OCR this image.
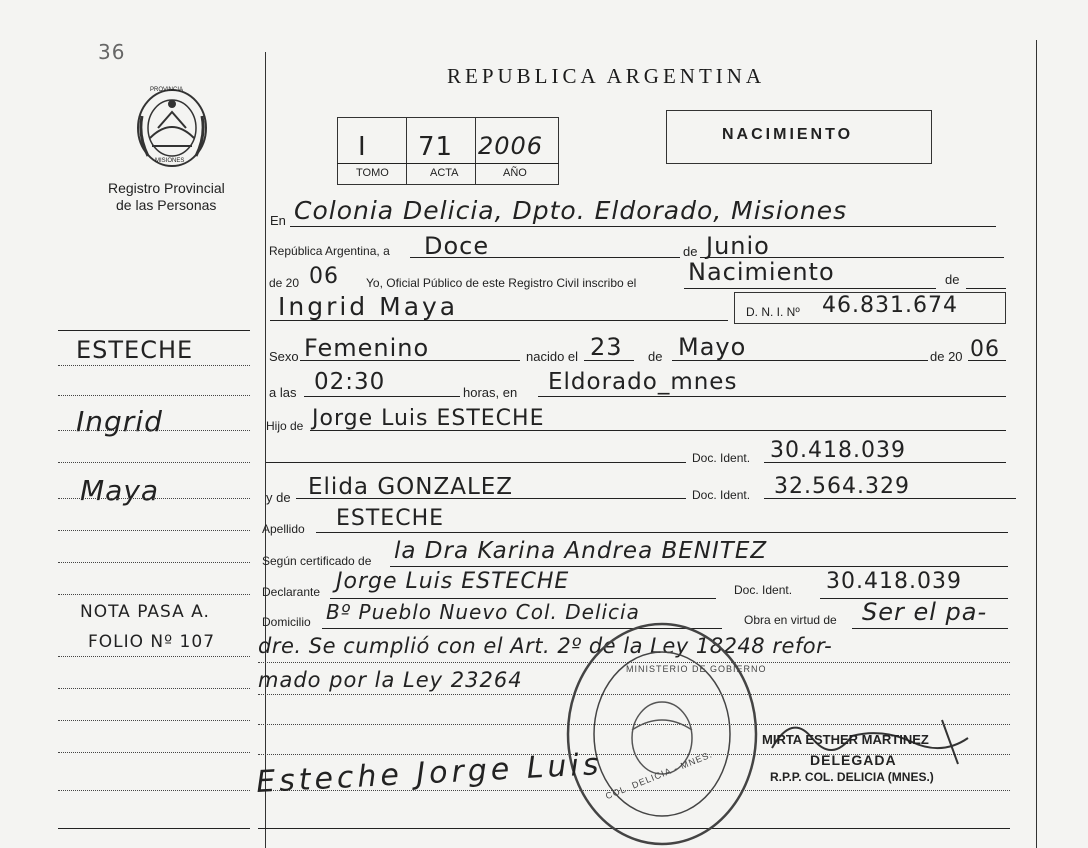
36
PROVINCIA
MISIONES
Registro Provincial
de las Personas
REPUBLICA ARGENTINA
I 71 2006
TOMO	ACTA	AÑO
NACIMIENTO
ESTECHE
Ingrid
Maya
NOTA PASA A.
FOLIO Nº 107
En Colonia Delicia, Dpto. Eldorado, Misiones
República Argentina, a Doce	de Junio
de 20 06 Yo, Oficial Público de este Registro Civil inscribo el Nacimiento	de
Ingrid Maya	D. N. I. Nº 46.831.674
Sexo Femenino	nacido el 23 de Mayo	de 20 06
a las 02:30	horas, en Eldorado_mnes
Hijo de Jorge Luis ESTECHE
Doc. Ident. 30.418.039
y de Elida GONZALEZ	Doc. Ident. 32.564.329
Apellido ESTECHE
Según certificado de la Dra Karina Andrea BENITEZ
Declarante Jorge Luis ESTECHE	Doc. Ident. 30.418.039
Domicilio Bº Pueblo Nuevo Col. Delicia	Obra en virtud de Ser el pa-
dre. Se cumplió con el Art. 2º de la Ley 18248 refor-
mado por la Ley 23264	MINISTERIO DE GOBIERNO
COL. DELICIA - MNES.
Esteche Jorge Luis
MIRTA ESTHER MARTINEZ
DELEGADA
R.P.P. COL. DELICIA (MNES.)
